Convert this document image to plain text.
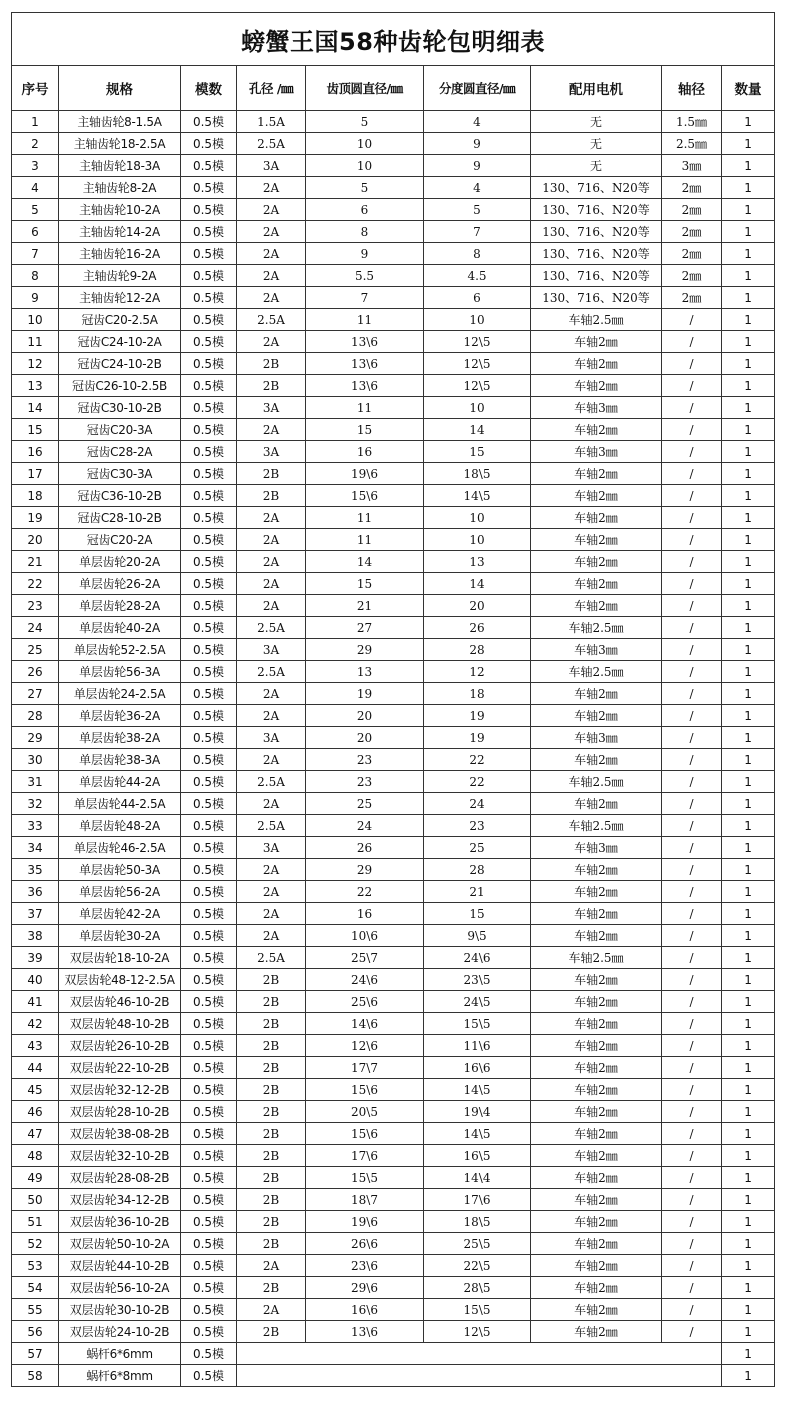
螃蟹王国58种齿轮包明细表								
序号	规格	模数	孔径 /㎜	齿顶圆直径/㎜	分度圆直径/㎜	配用电机	轴径	数量
1	主轴齿轮8-1.5A	0.5模	1.5A	5	4	无	1.5㎜	1
2	主轴齿轮18-2.5A	0.5模	2.5A	10	9	无	2.5㎜	1
3	主轴齿轮18-3A	0.5模	3A	10	9	无	3㎜	1
4	主轴齿轮8-2A	0.5模	2A	5	4	130、716、N20等	2㎜	1
5	主轴齿轮10-2A	0.5模	2A	6	5	130、716、N20等	2㎜	1
6	主轴齿轮14-2A	0.5模	2A	8	7	130、716、N20等	2㎜	1
7	主轴齿轮16-2A	0.5模	2A	9	8	130、716、N20等	2㎜	1
8	主轴齿轮9-2A	0.5模	2A	5.5	4.5	130、716、N20等	2㎜	1
9	主轴齿轮12-2A	0.5模	2A	7	6	130、716、N20等	2㎜	1
10	冠齿C20-2.5A	0.5模	2.5A	11	10	车轴2.5㎜	/	1
11	冠齿C24-10-2A	0.5模	2A	13\6	12\5	车轴2㎜	/	1
12	冠齿C24-10-2B	0.5模	2B	13\6	12\5	车轴2㎜	/	1
13	冠齿C26-10-2.5B	0.5模	2B	13\6	12\5	车轴2㎜	/	1
14	冠齿C30-10-2B	0.5模	3A	11	10	车轴3㎜	/	1
15	冠齿C20-3A	0.5模	2A	15	14	车轴2㎜	/	1
16	冠齿C28-2A	0.5模	3A	16	15	车轴3㎜	/	1
17	冠齿C30-3A	0.5模	2B	19\6	18\5	车轴2㎜	/	1
18	冠齿C36-10-2B	0.5模	2B	15\6	14\5	车轴2㎜	/	1
19	冠齿C28-10-2B	0.5模	2A	11	10	车轴2㎜	/	1
20	冠齿C20-2A	0.5模	2A	11	10	车轴2㎜	/	1
21	单层齿轮20-2A	0.5模	2A	14	13	车轴2㎜	/	1
22	单层齿轮26-2A	0.5模	2A	15	14	车轴2㎜	/	1
23	单层齿轮28-2A	0.5模	2A	21	20	车轴2㎜	/	1
24	单层齿轮40-2A	0.5模	2.5A	27	26	车轴2.5㎜	/	1
25	单层齿轮52-2.5A	0.5模	3A	29	28	车轴3㎜	/	1
26	单层齿轮56-3A	0.5模	2.5A	13	12	车轴2.5㎜	/	1
27	单层齿轮24-2.5A	0.5模	2A	19	18	车轴2㎜	/	1
28	单层齿轮36-2A	0.5模	2A	20	19	车轴2㎜	/	1
29	单层齿轮38-2A	0.5模	3A	20	19	车轴3㎜	/	1
30	单层齿轮38-3A	0.5模	2A	23	22	车轴2㎜	/	1
31	单层齿轮44-2A	0.5模	2.5A	23	22	车轴2.5㎜	/	1
32	单层齿轮44-2.5A	0.5模	2A	25	24	车轴2㎜	/	1
33	单层齿轮48-2A	0.5模	2.5A	24	23	车轴2.5㎜	/	1
34	单层齿轮46-2.5A	0.5模	3A	26	25	车轴3㎜	/	1
35	单层齿轮50-3A	0.5模	2A	29	28	车轴2㎜	/	1
36	单层齿轮56-2A	0.5模	2A	22	21	车轴2㎜	/	1
37	单层齿轮42-2A	0.5模	2A	16	15	车轴2㎜	/	1
38	单层齿轮30-2A	0.5模	2A	10\6	9\5	车轴2㎜	/	1
39	双层齿轮18-10-2A	0.5模	2.5A	25\7	24\6	车轴2.5㎜	/	1
40	双层齿轮48-12-2.5A	0.5模	2B	24\6	23\5	车轴2㎜	/	1
41	双层齿轮46-10-2B	0.5模	2B	25\6	24\5	车轴2㎜	/	1
42	双层齿轮48-10-2B	0.5模	2B	14\6	15\5	车轴2㎜	/	1
43	双层齿轮26-10-2B	0.5模	2B	12\6	11\6	车轴2㎜	/	1
44	双层齿轮22-10-2B	0.5模	2B	17\7	16\6	车轴2㎜	/	1
45	双层齿轮32-12-2B	0.5模	2B	15\6	14\5	车轴2㎜	/	1
46	双层齿轮28-10-2B	0.5模	2B	20\5	19\4	车轴2㎜	/	1
47	双层齿轮38-08-2B	0.5模	2B	15\6	14\5	车轴2㎜	/	1
48	双层齿轮32-10-2B	0.5模	2B	17\6	16\5	车轴2㎜	/	1
49	双层齿轮28-08-2B	0.5模	2B	15\5	14\4	车轴2㎜	/	1
50	双层齿轮34-12-2B	0.5模	2B	18\7	17\6	车轴2㎜	/	1
51	双层齿轮36-10-2B	0.5模	2B	19\6	18\5	车轴2㎜	/	1
52	双层齿轮50-10-2A	0.5模	2B	26\6	25\5	车轴2㎜	/	1
53	双层齿轮44-10-2B	0.5模	2A	23\6	22\5	车轴2㎜	/	1
54	双层齿轮56-10-2A	0.5模	2B	29\6	28\5	车轴2㎜	/	1
55	双层齿轮30-10-2B	0.5模	2A	16\6	15\5	车轴2㎜	/	1
56	双层齿轮24-10-2B	0.5模	2B	13\6	12\5	车轴2㎜	/	1
57	蜗杆6*6mm	0.5模						1
58	蜗杆6*8mm	0.5模						1
